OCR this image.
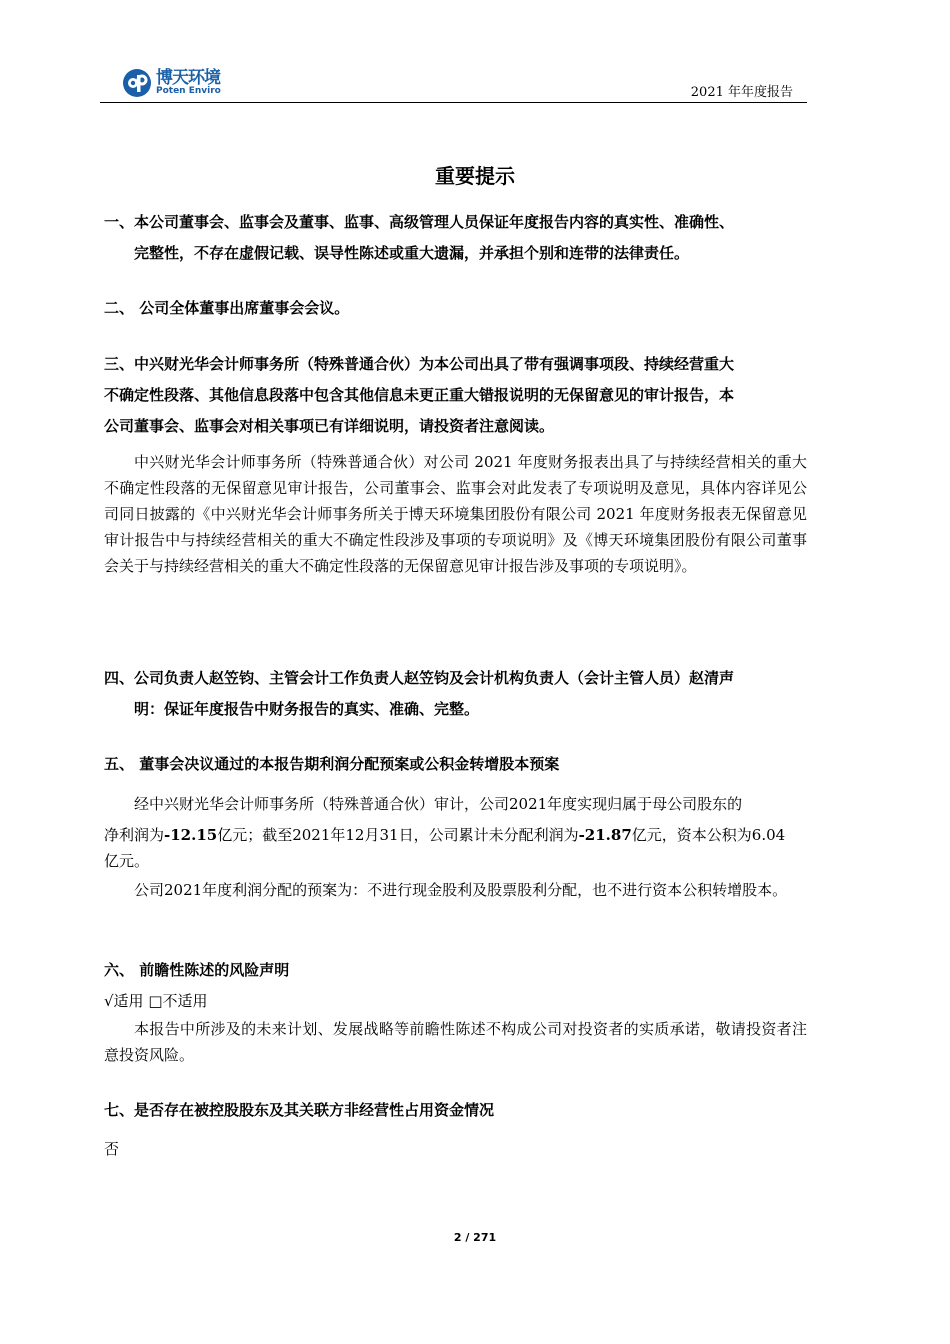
博天环境
Poten Enviro	2021 年年度报告
重要提示
一、本公司董事会、监事会及董事、监事、高级管理人员保证年度报告内容的真实性、准确性、
完整性，不存在虚假记载、误导性陈述或重大遗漏，并承担个别和连带的法律责任。
二、 公司全体董事出席董事会会议。
三、中兴财光华会计师事务所（特殊普通合伙）为本公司出具了带有强调事项段、持续经营重大
不确定性段落、其他信息段落中包含其他信息未更正重大错报说明的无保留意见的审计报告，本
公司董事会、监事会对相关事项已有详细说明，请投资者注意阅读。
中兴财光华会计师事务所（特殊普通合伙）对公司 2021 年度财务报表出具了与持续经营相关的重大不确定性段落的无保留意见审计报告，公司董事会、监事会对此发表了专项说明及意见，具体内容详见公司同日披露的《中兴财光华会计师事务所关于博天环境集团股份有限公司 2021 年度财务报表无保留意见审计报告中与持续经营相关的重大不确定性段涉及事项的专项说明》及《博天环境集团股份有限公司董事会关于与持续经营相关的重大不确定性段落的无保留意见审计报告涉及事项的专项说明》。
四、公司负责人赵笠钧、主管会计工作负责人赵笠钧及会计机构负责人（会计主管人员）赵清声
明：保证年度报告中财务报告的真实、准确、完整。
五、 董事会决议通过的本报告期利润分配预案或公积金转增股本预案
经中兴财光华会计师事务所（特殊普通合伙）审计，公司2021年度实现归属于母公司股东的
净利润为-12.15亿元；截至2021年12月31日，公司累计未分配利润为-21.87亿元，资本公积为6.04
亿元。
公司2021年度利润分配的预案为：不进行现金股利及股票股利分配，也不进行资本公积转增股本。
六、 前瞻性陈述的风险声明
√适用 □不适用
本报告中所涉及的未来计划、发展战略等前瞻性陈述不构成公司对投资者的实质承诺，敬请投资者注意投资风险。
七、是否存在被控股股东及其关联方非经营性占用资金情况
否
2 / 271
